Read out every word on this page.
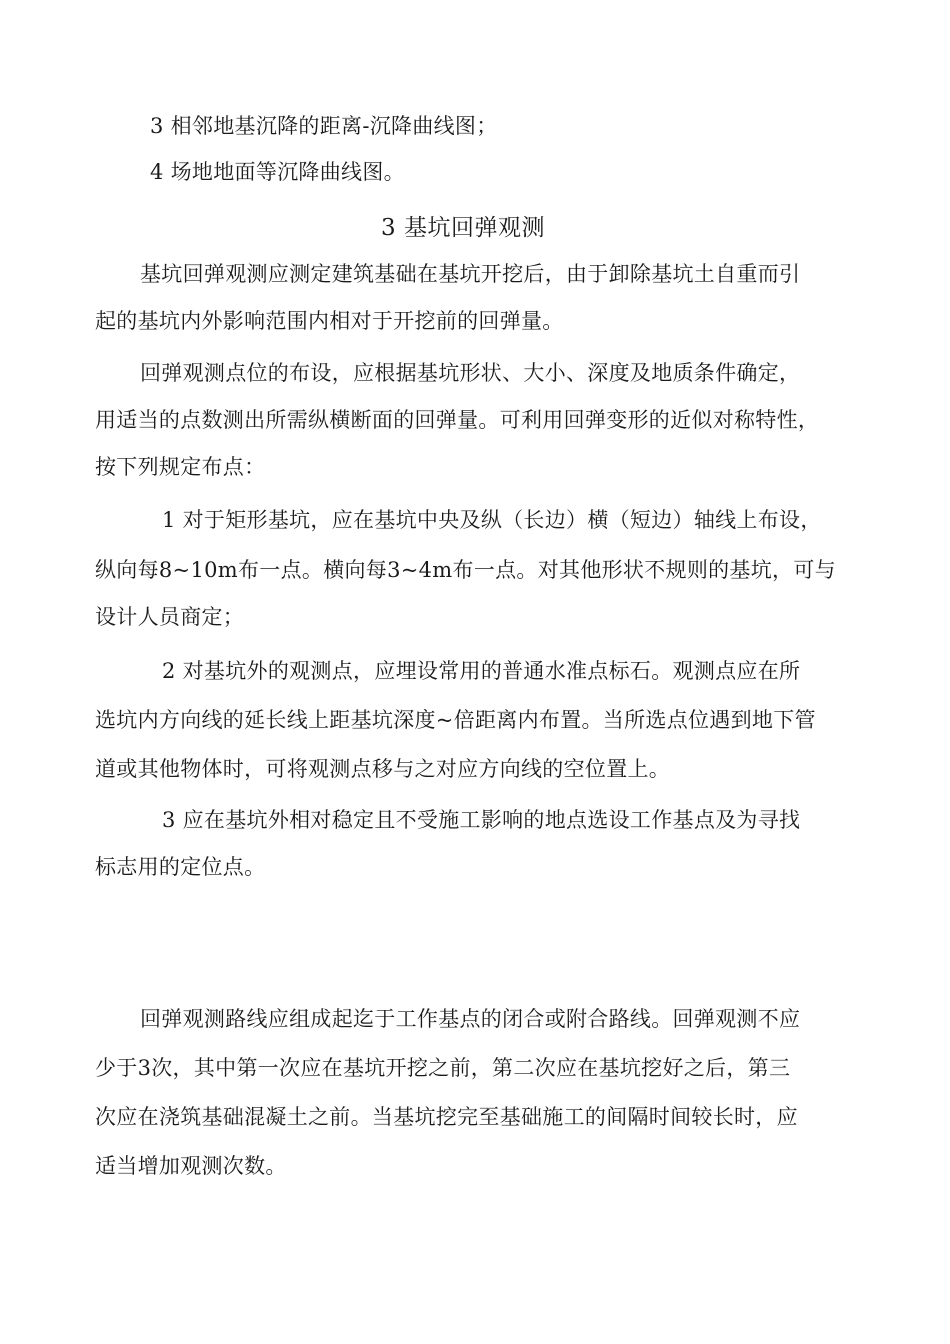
3 相邻地基沉降的距离-沉降曲线图；
4 场地地面等沉降曲线图。
3 基坑回弹观测
基坑回弹观测应测定建筑基础在基坑开挖后，由于卸除基坑土自重而引
起的基坑内外影响范围内相对于开挖前的回弹量。
回弹观测点位的布设，应根据基坑形状、大小、深度及地质条件确定，
用适当的点数测出所需纵横断面的回弹量。可利用回弹变形的近似对称特性，
按下列规定布点：
1 对于矩形基坑，应在基坑中央及纵（长边）横（短边）轴线上布设，
纵向每8~10m布一点。横向每3~4m布一点。对其他形状不规则的基坑，可与
设计人员商定；
2 对基坑外的观测点，应埋设常用的普通水准点标石。观测点应在所
选坑内方向线的延长线上距基坑深度~倍距离内布置。当所选点位遇到地下管
道或其他物体时，可将观测点移与之对应方向线的空位置上。
3 应在基坑外相对稳定且不受施工影响的地点选设工作基点及为寻找
标志用的定位点。
回弹观测路线应组成起迄于工作基点的闭合或附合路线。回弹观测不应
少于3次，其中第一次应在基坑开挖之前，第二次应在基坑挖好之后，第三
次应在浇筑基础混凝土之前。当基坑挖完至基础施工的间隔时间较长时，应
适当增加观测次数。
